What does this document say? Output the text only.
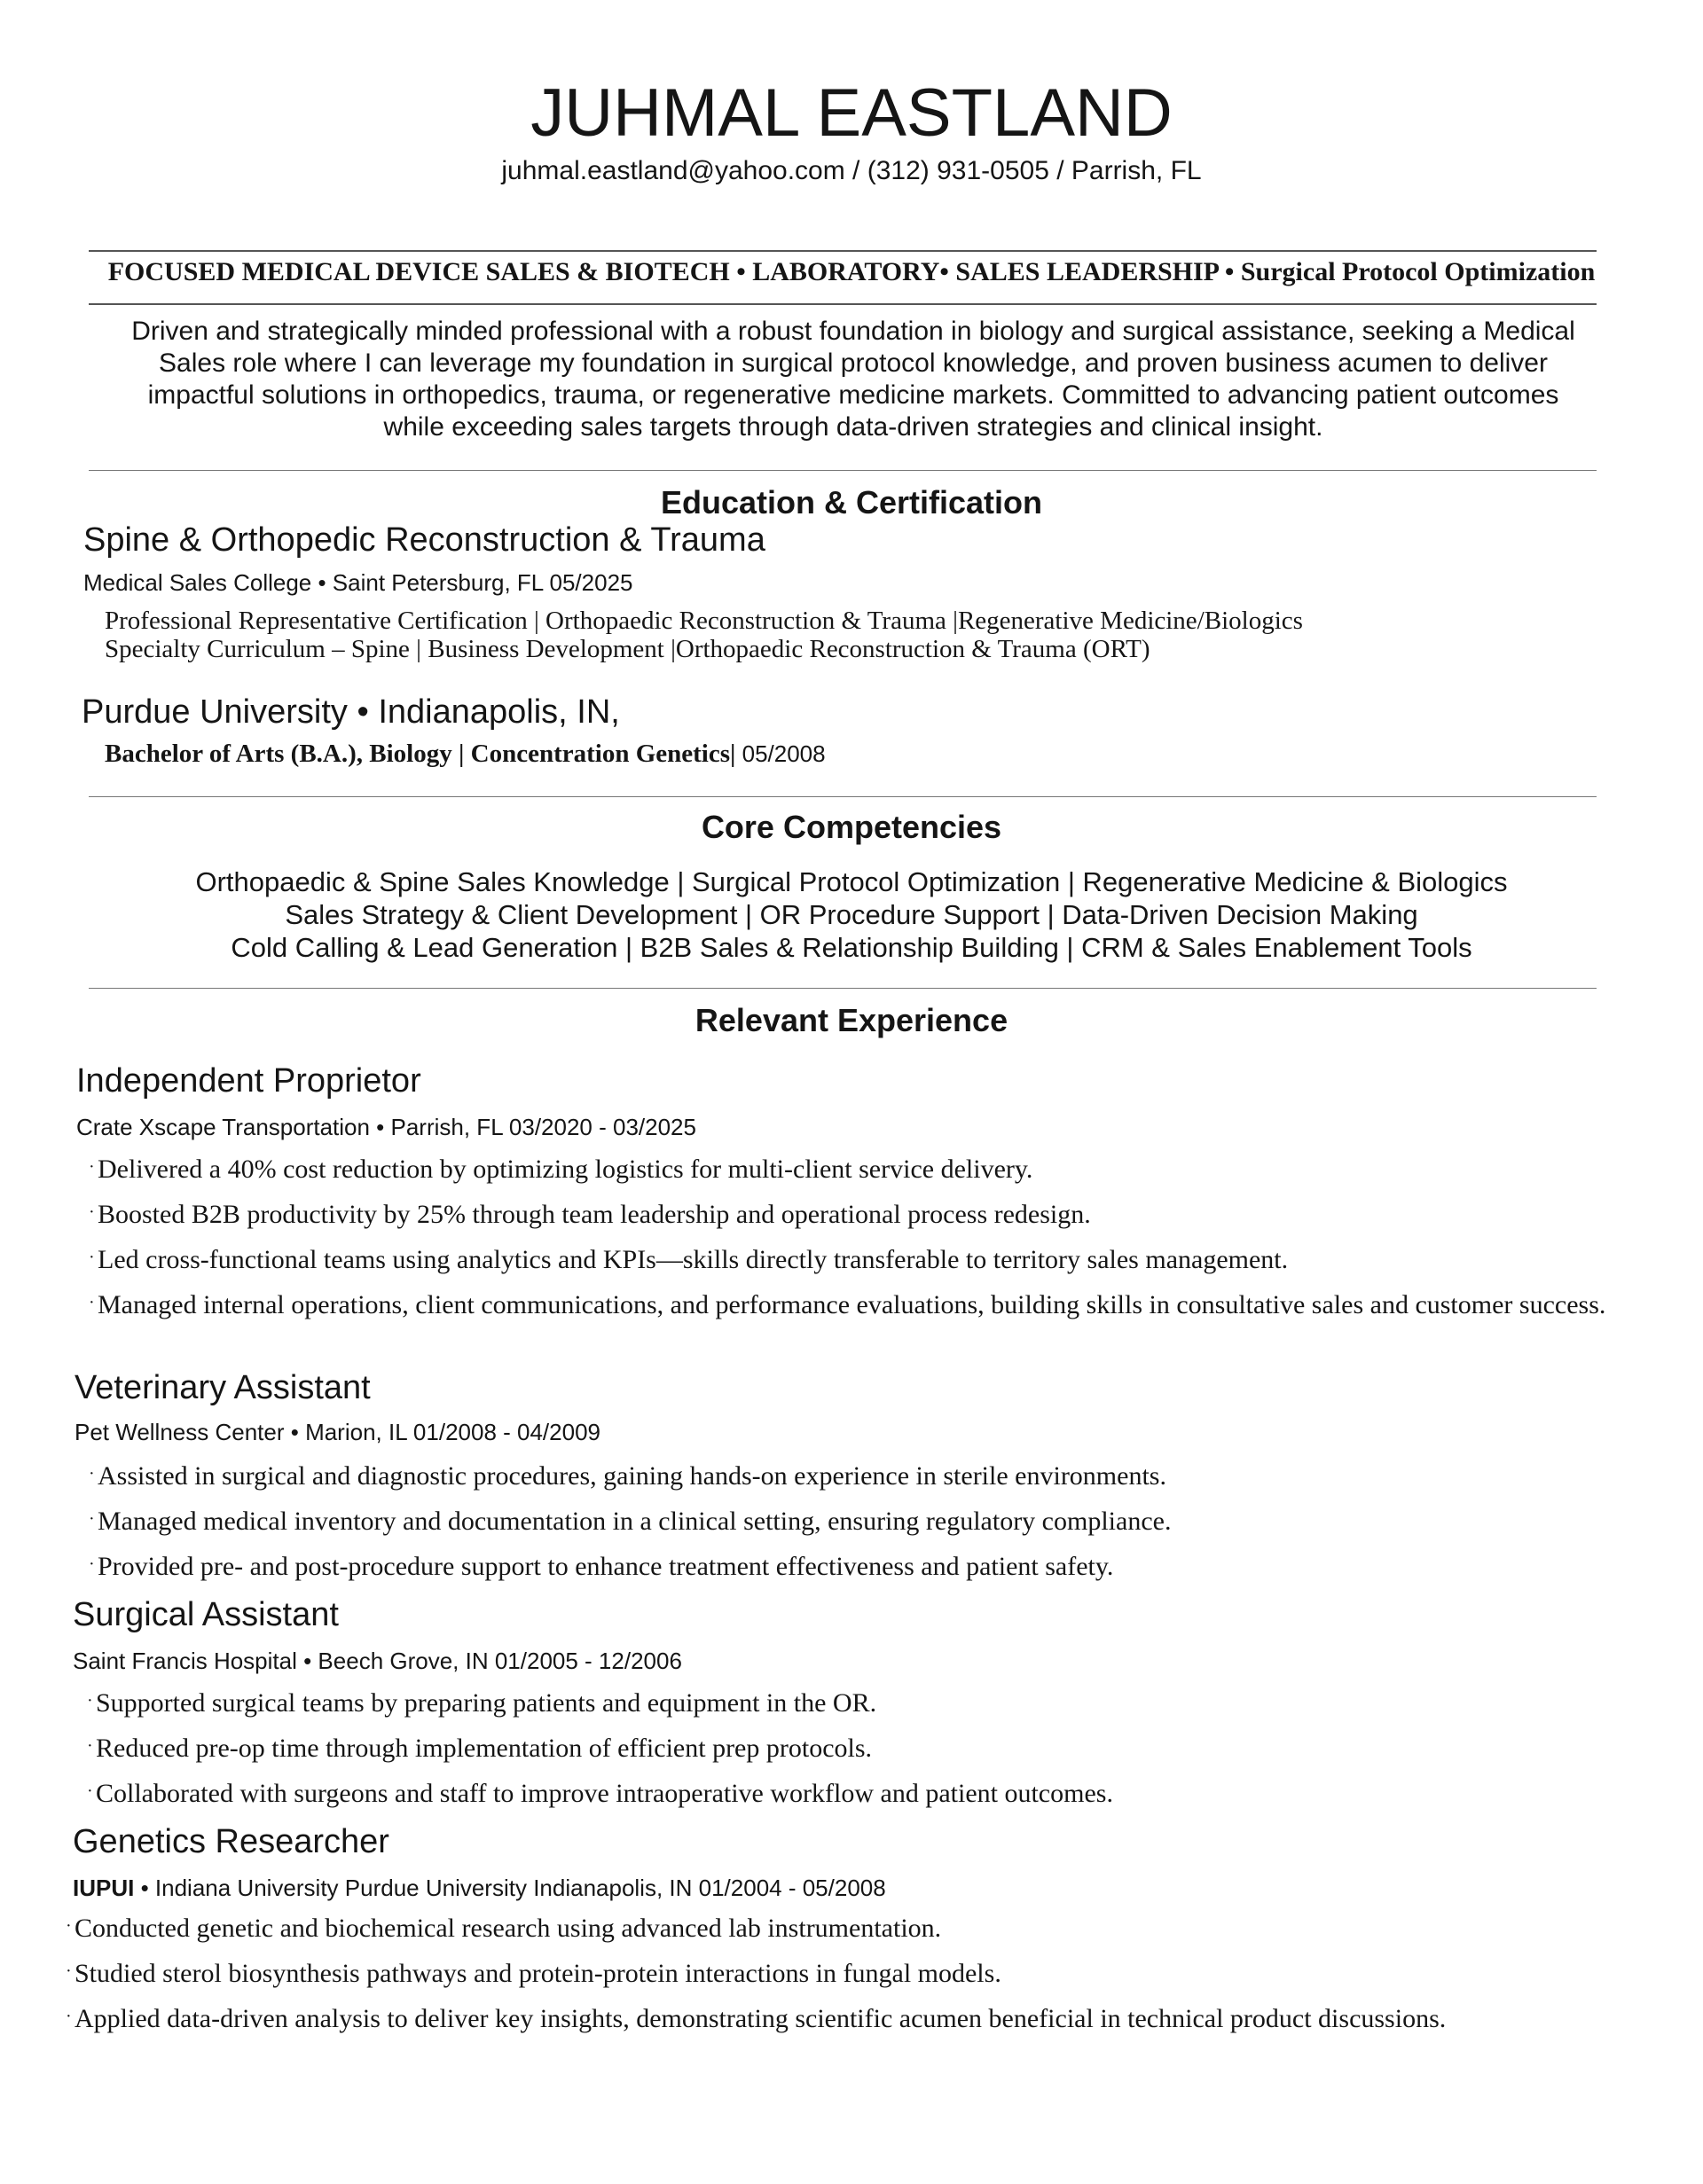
JUHMAL EASTLAND
juhmal.eastland@yahoo.com / (312) 931-0505 / Parrish, FL
FOCUSED MEDICAL DEVICE SALES & BIOTECH • LABORATORY• SALES LEADERSHIP • Surgical Protocol Optimization
Driven and strategically minded professional with a robust foundation in biology and surgical assistance, seeking a Medical
Sales role where I can leverage my foundation in surgical protocol knowledge, and proven business acumen to deliver
impactful solutions in orthopedics, trauma, or regenerative medicine markets. Committed to advancing patient outcomes
while exceeding sales targets through data-driven strategies and clinical insight.
Education & Certification
Spine & Orthopedic Reconstruction & Trauma
Medical Sales College • Saint Petersburg, FL 05/2025
Professional Representative Certification | Orthopaedic Reconstruction & Trauma |Regenerative Medicine/Biologics
Specialty Curriculum – Spine | Business Development |Orthopaedic Reconstruction & Trauma (ORT)
Purdue University • Indianapolis, IN,
Bachelor of Arts (B.A.), Biology | Concentration Genetics| 05/2008
Core Competencies
Orthopaedic & Spine Sales Knowledge | Surgical Protocol Optimization | Regenerative Medicine & Biologics
Sales Strategy & Client Development | OR Procedure Support | Data-Driven Decision Making
Cold Calling & Lead Generation | B2B Sales & Relationship Building | CRM & Sales Enablement Tools
Relevant Experience
Independent Proprietor
Crate Xscape Transportation • Parrish, FL 03/2020 - 03/2025
· Delivered a 40% cost reduction by optimizing logistics for multi-client service delivery.
· Boosted B2B productivity by 25% through team leadership and operational process redesign.
· Led cross-functional teams using analytics and KPIs—skills directly transferable to territory sales management.
· Managed internal operations, client communications, and performance evaluations, building skills in consultative sales and customer success.
Veterinary Assistant
Pet Wellness Center • Marion, IL 01/2008 - 04/2009
· Assisted in surgical and diagnostic procedures, gaining hands-on experience in sterile environments.
· Managed medical inventory and documentation in a clinical setting, ensuring regulatory compliance.
· Provided pre- and post-procedure support to enhance treatment effectiveness and patient safety.
Surgical Assistant
Saint Francis Hospital • Beech Grove, IN 01/2005 - 12/2006
· Supported surgical teams by preparing patients and equipment in the OR.
· Reduced pre-op time through implementation of efficient prep protocols.
· Collaborated with surgeons and staff to improve intraoperative workflow and patient outcomes.
Genetics Researcher
IUPUI • Indiana University Purdue University Indianapolis, IN 01/2004 - 05/2008
· Conducted genetic and biochemical research using advanced lab instrumentation.
· Studied sterol biosynthesis pathways and protein-protein interactions in fungal models.
· Applied data-driven analysis to deliver key insights, demonstrating scientific acumen beneficial in technical product discussions.
